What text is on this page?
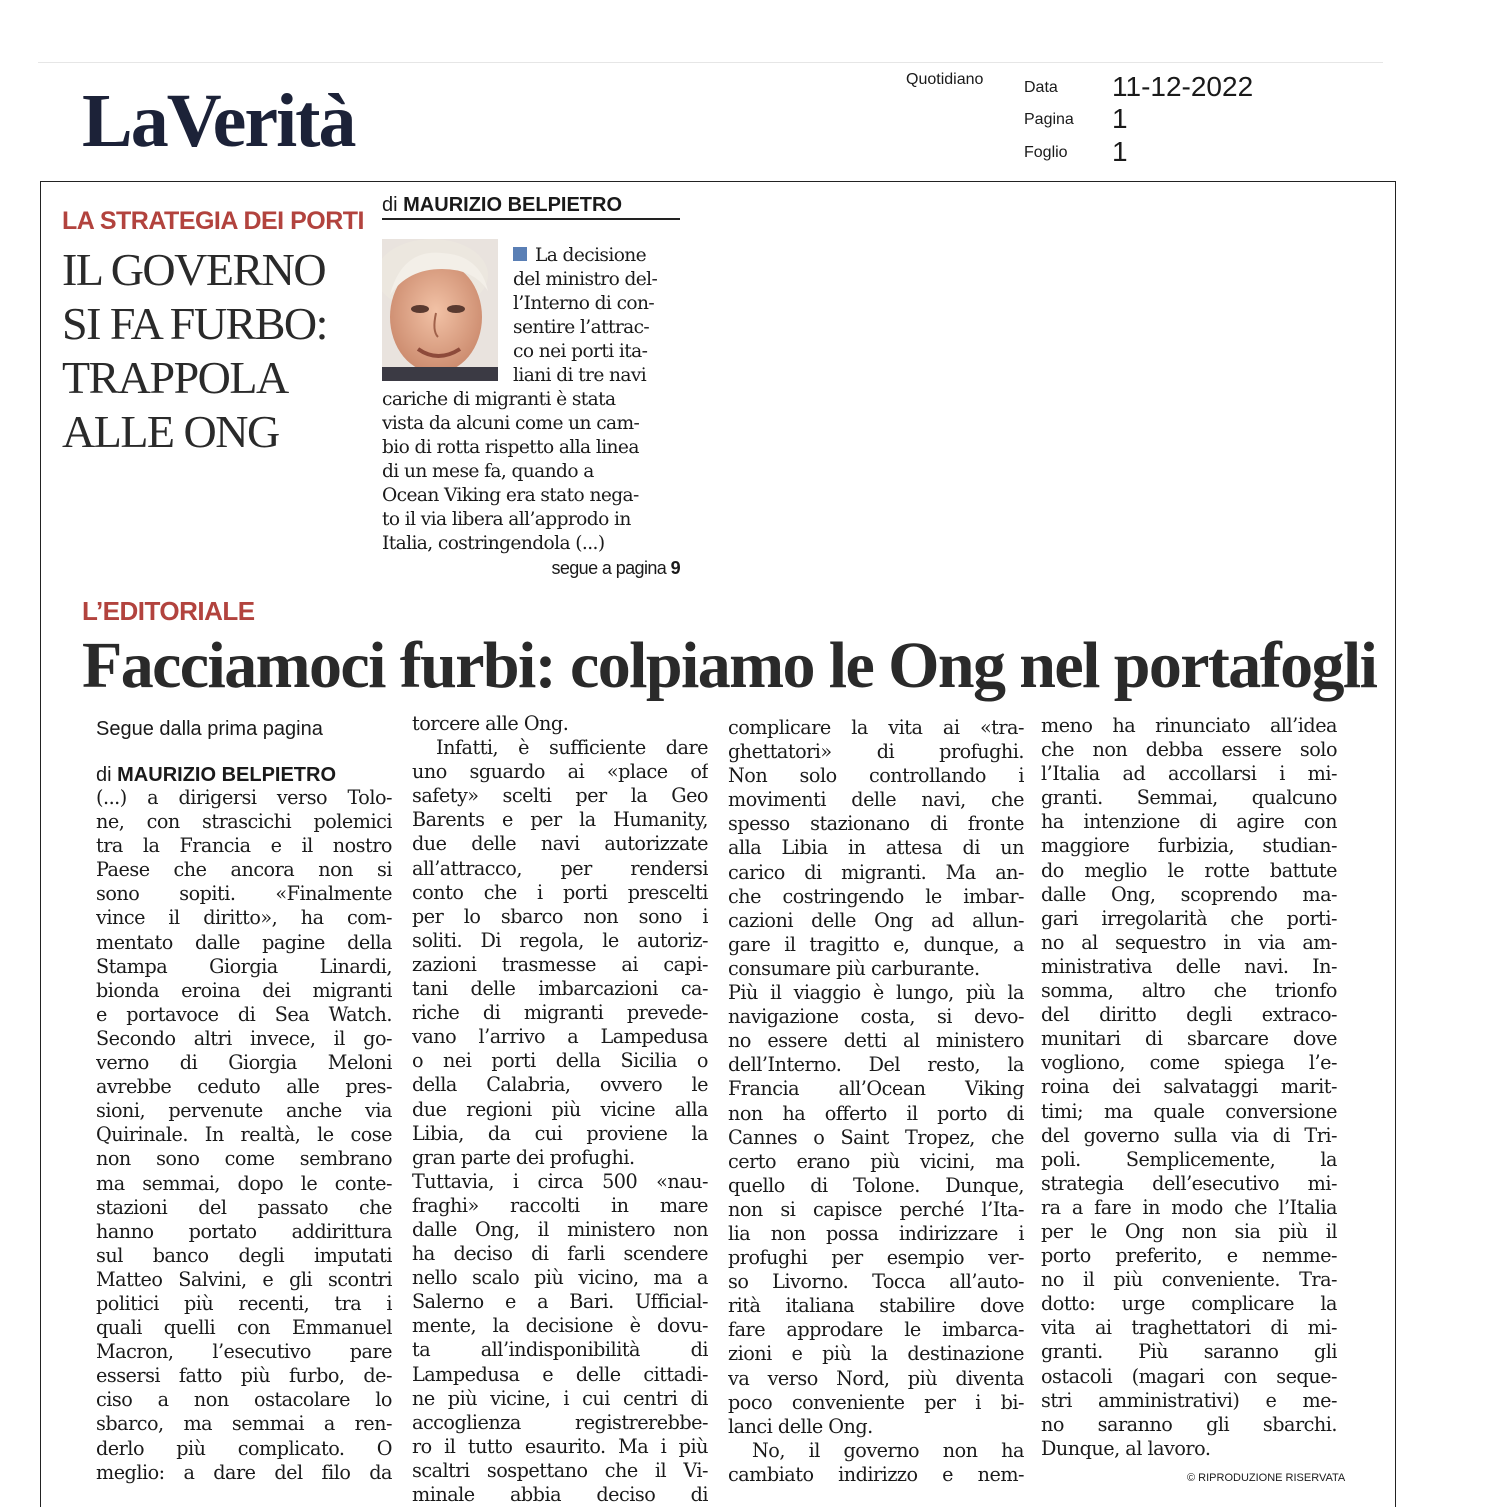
LaVerità	Quotidiano	Data	11-12-2022
Pagina	1
Foglio	1
LA STRATEGIA DEI PORTI
IL GOVERNO
SI FA FURBO:
TRAPPOLA
ALLE ONG
di MAURIZIO BELPIETRO
La decisione
del ministro del-
l’Interno di con-
sentire l’attrac-
co nei porti ita-
liani di tre navi
cariche di migranti è stata
vista da alcuni come un cam-
bio di rotta rispetto alla linea
di un mese fa, quando a
Ocean Viking era stato nega-
to il via libera all’approdo in
Italia, costringendola (...)
segue a pagina 9
L’EDITORIALE
Facciamoci furbi: colpiamo le Ong nel portafogli
Segue dalla prima pagina
di MAURIZIO BELPIETRO
(...) a dirigersi verso Tolo-
ne, con strascichi polemici
tra la Francia e il nostro
Paese che ancora non si
sono sopiti. «Finalmente
vince il diritto», ha com-
mentato dalle pagine della
Stampa Giorgia Linardi,
bionda eroina dei migranti
e portavoce di Sea Watch.
Secondo altri invece, il go-
verno di Giorgia Meloni
avrebbe ceduto alle pres-
sioni, pervenute anche via
Quirinale. In realtà, le cose
non sono come sembrano
ma semmai, dopo le conte-
stazioni del passato che
hanno portato addirittura
sul banco degli imputati
Matteo Salvini, e gli scontri
politici più recenti, tra i
quali quelli con Emmanuel
Macron, l’esecutivo pare
essersi fatto più furbo, de-
ciso a non ostacolare lo
sbarco, ma semmai a ren-
derlo più complicato. O
meglio: a dare del filo da
torcere alle Ong.
Infatti, è sufficiente dare
uno sguardo ai «place of
safety» scelti per la Geo
Barents e per la Humanity,
due delle navi autorizzate
all’attracco, per rendersi
conto che i porti prescelti
per lo sbarco non sono i
soliti. Di regola, le autoriz-
zazioni trasmesse ai capi-
tani delle imbarcazioni ca-
riche di migranti prevede-
vano l’arrivo a Lampedusa
o nei porti della Sicilia o
della Calabria, ovvero le
due regioni più vicine alla
Libia, da cui proviene la
gran parte dei profughi.
Tuttavia, i circa 500 «nau-
fraghi» raccolti in mare
dalle Ong, il ministero non
ha deciso di farli scendere
nello scalo più vicino, ma a
Salerno e a Bari. Ufficial-
mente, la decisione è dovu-
ta	all’indisponibilità	di
Lampedusa e delle cittadi-
ne più vicine, i cui centri di
accoglienza	registrerebbe-
ro il tutto esaurito. Ma i più
scaltri sospettano che il Vi-
minale abbia deciso di
complicare la vita ai «tra-
ghettatori» di profughi.
Non solo controllando i
movimenti delle navi, che
spesso stazionano di fronte
alla Libia in attesa di un
carico di migranti. Ma an-
che costringendo le imbar-
cazioni delle Ong ad allun-
gare il tragitto e, dunque, a
consumare più carburante.
Più il viaggio è lungo, più la
navigazione costa, si devo-
no essere detti al ministero
dell’Interno. Del resto, la
Francia all’Ocean Viking
non ha offerto il porto di
Cannes o Saint Tropez, che
certo erano più vicini, ma
quello di Tolone. Dunque,
non si capisce perché l’Ita-
lia non possa indirizzare i
profughi per esempio ver-
so Livorno. Tocca all’auto-
rità italiana stabilire dove
fare approdare le imbarca-
zioni e più la destinazione
va verso Nord, più diventa
poco conveniente per i bi-
lanci delle Ong.
No, il governo non ha
cambiato indirizzo e nem-
meno ha rinunciato all’idea
che non debba essere solo
l’Italia ad accollarsi i mi-
granti. Semmai, qualcuno
ha intenzione di agire con
maggiore furbizia, studian-
do meglio le rotte battute
dalle Ong, scoprendo ma-
gari irregolarità che porti-
no al sequestro in via am-
ministrativa delle navi. In-
somma, altro che trionfo
del diritto degli extraco-
munitari di sbarcare dove
vogliono, come spiega l’e-
roina dei salvataggi marit-
timi; ma quale conversione
del governo sulla via di Tri-
poli. Semplicemente, la
strategia dell’esecutivo mi-
ra a fare in modo che l’Italia
per le Ong non sia più il
porto preferito, e nemme-
no il più conveniente. Tra-
dotto: urge complicare la
vita ai traghettatori di mi-
granti. Più saranno gli
ostacoli (magari con seque-
stri amministrativi) e me-
no saranno gli sbarchi.
Dunque, al lavoro.
© RIPRODUZIONE RISERVATA
